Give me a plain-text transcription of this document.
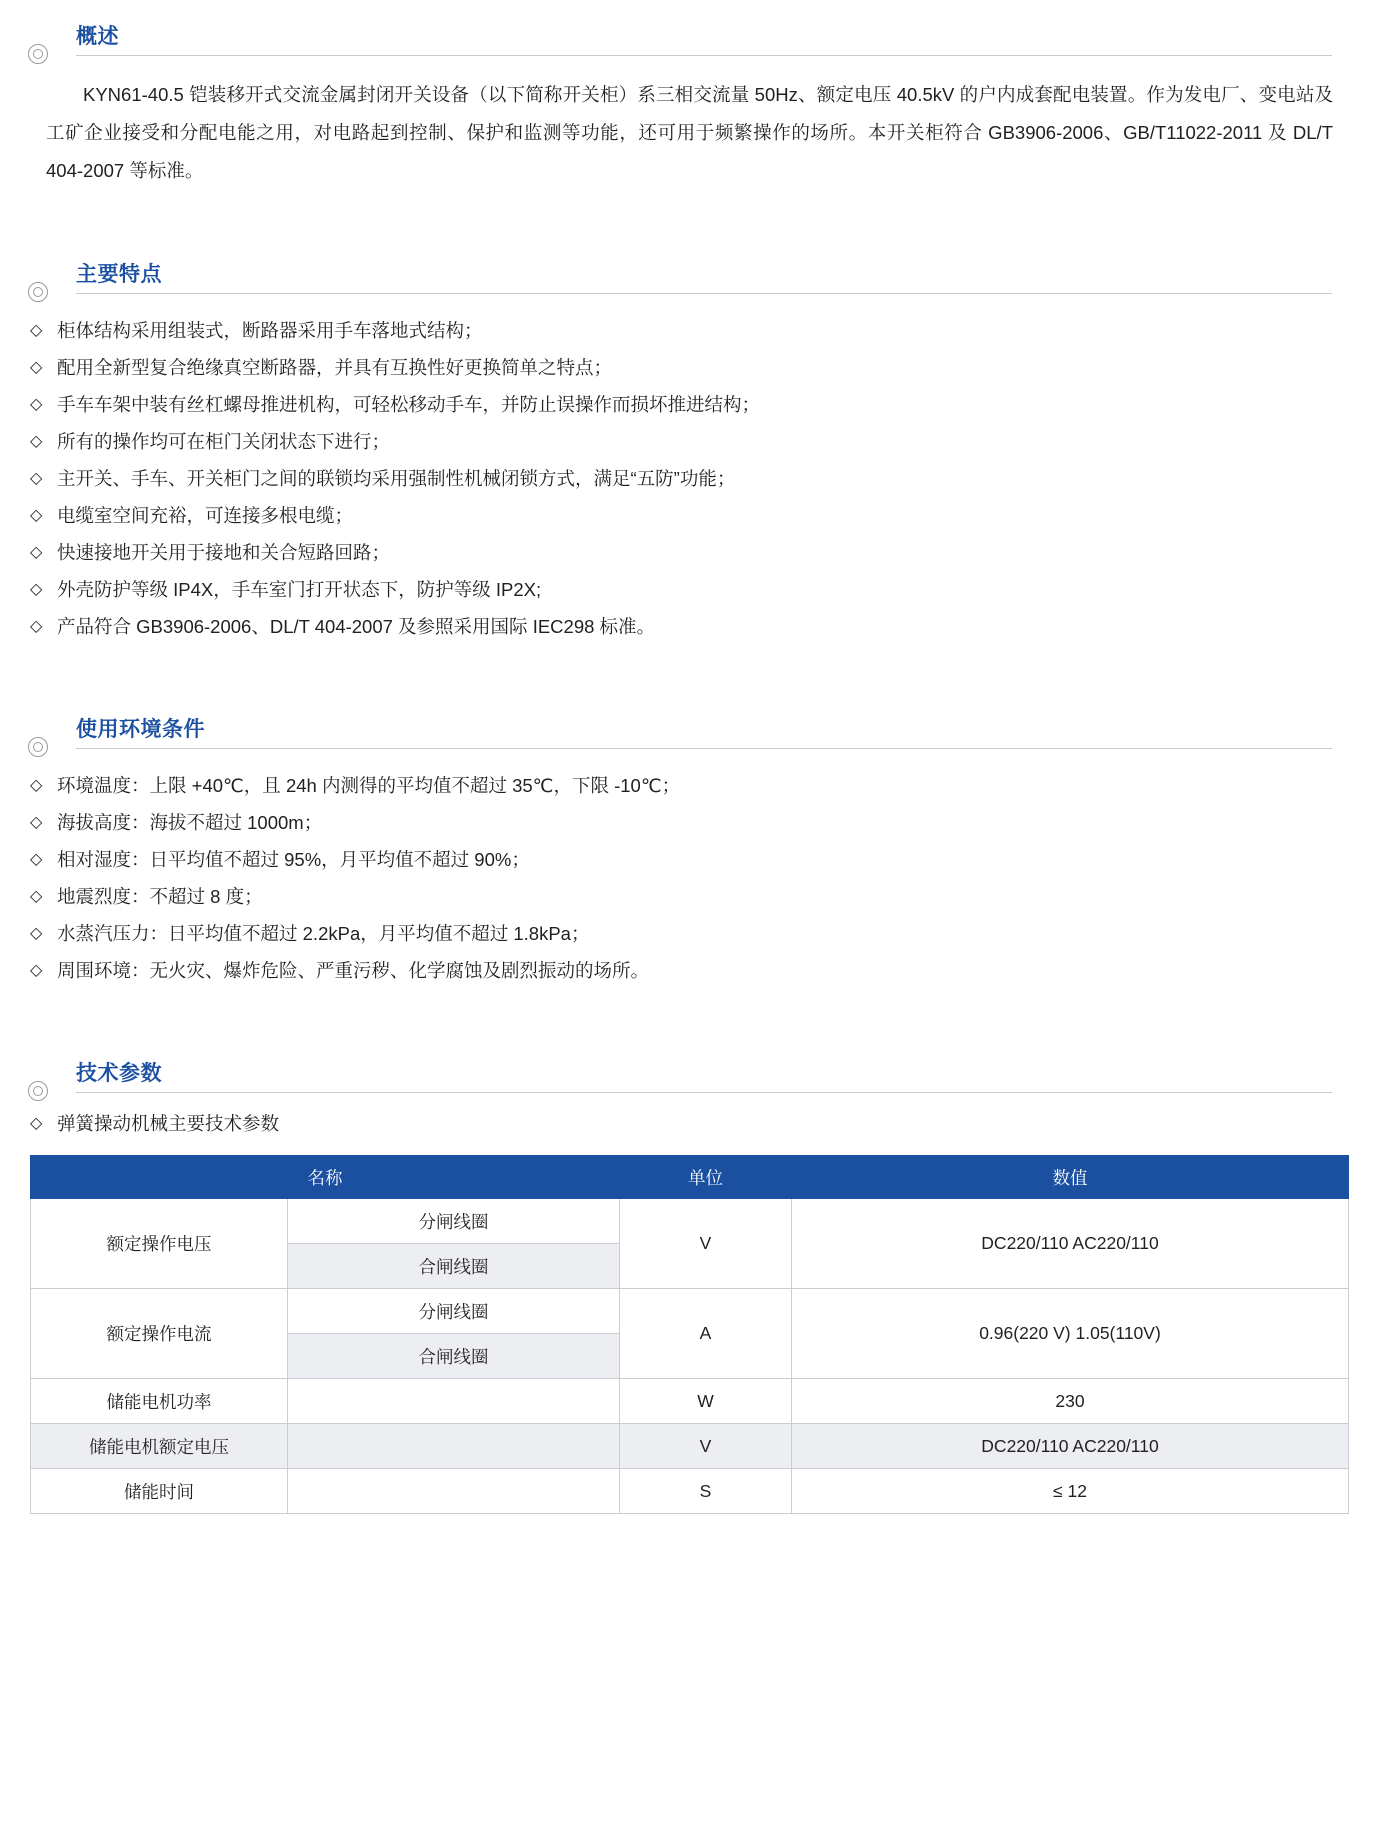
概述

KYN61-40.5 铠装移开式交流金属封闭开关设备（以下简称开关柜）系三相交流量 50Hz、额定电压 40.5kV 的户内成套配电装置。作为发电厂、变电站及工矿企业接受和分配电能之用，对电路起到控制、保护和监测等功能，还可用于频繁操作的场所。本开关柜符合 GB3906-2006、GB/T11022-2011 及 DL/T 404-2007 等标准。

主要特点
◇ 柜体结构采用组装式，断路器采用手车落地式结构；
◇ 配用全新型复合绝缘真空断路器，并具有互换性好更换简单之特点；
◇ 手车车架中装有丝杠螺母推进机构，可轻松移动手车，并防止误操作而损坏推进结构；
◇ 所有的操作均可在柜门关闭状态下进行；
◇ 主开关、手车、开关柜门之间的联锁均采用强制性机械闭锁方式，满足“五防”功能；
◇ 电缆室空间充裕，可连接多根电缆；
◇ 快速接地开关用于接地和关合短路回路；
◇ 外壳防护等级 IP4X，手车室门打开状态下，防护等级 IP2X;
◇ 产品符合 GB3906-2006、DL/T 404-2007 及参照采用国际 IEC298 标准。
使用环境条件
◇ 环境温度：上限 +40℃，且 24h 内测得的平均值不超过 35℃，下限 -10℃；
◇ 海拔高度：海拔不超过 1000m；
◇ 相对湿度：日平均值不超过 95%，月平均值不超过 90%；
◇ 地震烈度：不超过 8 度；
◇ 水蒸汽压力：日平均值不超过 2.2kPa，月平均值不超过 1.8kPa；
◇ 周围环境：无火灾、爆炸危险、严重污秽、化学腐蚀及剧烈振动的场所。
技术参数
◇ 弹簧操动机械主要技术参数
名称		单位	数值
额定操作电压	分闸线圈	V	DC220/110 AC220/110
	合闸线圈		
额定操作电流	分闸线圈	A	0.96(220 V) 1.05(110V)
	合闸线圈		
储能电机功率		W	230
储能电机额定电压		V	DC220/110 AC220/110
储能时间		S	≤ 12
